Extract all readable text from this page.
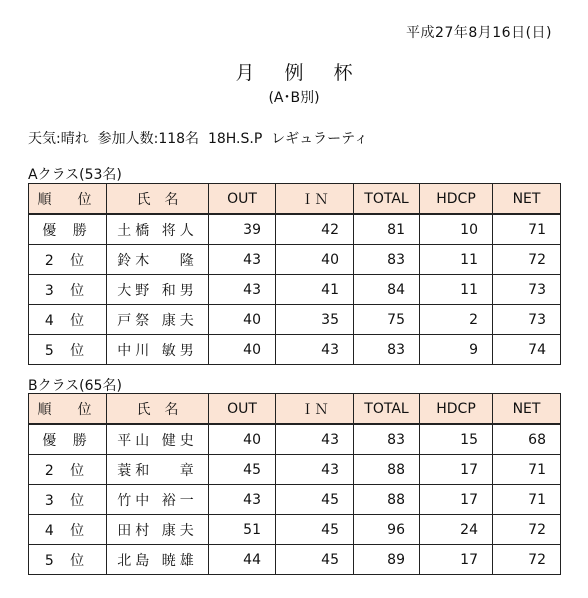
平成27年8月16日(日)
月 例 杯
(A･B別)
天気:晴れ  参加人数:118名  18H.S.P  レギュラーティ
Aクラス(53名)
順　位	氏　名	OUT	ＩＮ	TOTAL	HDCP	NET
優 勝	土橋 将人	39	42	81	10	71
2 位	鈴木　 隆	43	40	83	11	72
3 位	大野 和男	43	41	84	11	73
4 位	戸祭 康夫	40	35	75	2	73
5 位	中川 敏男	40	43	83	9	74
Bクラス(65名)
順　位	氏　名	OUT	ＩＮ	TOTAL	HDCP	NET
優 勝	平山 健史	40	43	83	15	68
2 位	蓑和　 章	45	43	88	17	71
3 位	竹中 裕一	43	45	88	17	71
4 位	田村 康夫	51	45	96	24	72
5 位	北島 暁雄	44	45	89	17	72
